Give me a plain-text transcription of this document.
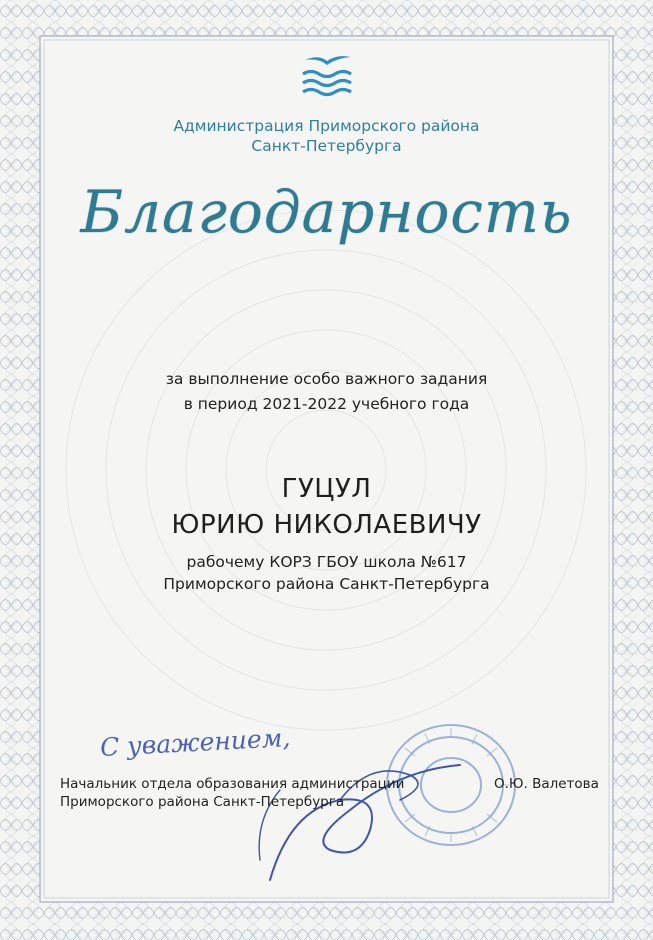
Администрация Приморского района
Санкт-Петербурга
Благодарность
за выполнение особо важного задания
в период 2021-2022 учебного года
ГУЦУЛ
ЮРИЮ НИКОЛАЕВИЧУ
рабочему КОРЗ ГБОУ школа №617
Приморского района Санкт-Петербурга
С уважением,
Начальник отдела образования администрации
Приморского района Санкт-Петербурга
О.Ю. Валетова
